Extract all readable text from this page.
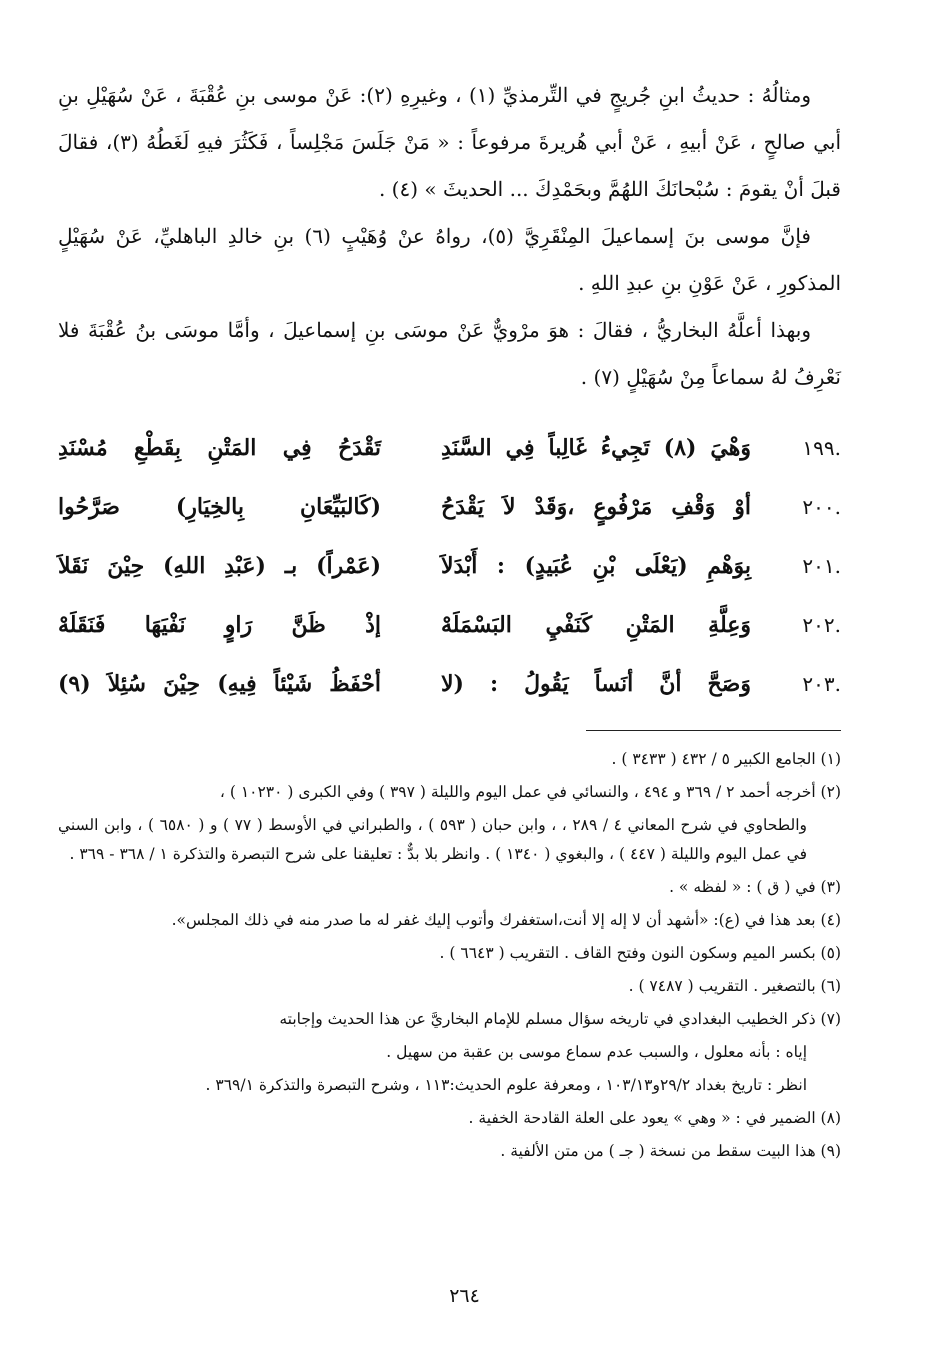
ومثالُهُ : حديثُ ابنِ جُريجٍ في التِّرمذيِّ (١) ، وغيرِهِ (٢): عَنْ موسى بنِ عُقْبَةَ ، عَنْ سُهَيْلِ بنِ أبي صالحٍ ، عَنْ أبيهِ ، عَنْ أبي هُريرةَ مرفوعاً : « مَنْ جَلَسَ مَجْلِساً ، فَكَثُرَ فيهِ لَغَطُهُ (٣)، فقالَ قبلَ أنْ يقومَ : سُبْحانَكَ اللهُمَّ وبحَمْدِكَ ... الحديثَ » (٤) .

فإنَّ موسى بنَ إسماعيلَ المِنْقَرِيَّ (٥)، رواهُ عنْ وُهَيْبٍ (٦) بنِ خالدِ الباهليِّ، عَنْ سُهَيْلٍ المذكورِ ، عَنْ عَوْنِ بنِ عبدِ اللهِ .

وبهذا أعلَّهُ البخاريُّ ، فقالَ : هوَ مرْويٌّ عَنْ موسَى بنِ إسماعيلَ ، وأمَّا موسَى بنُ عُقْبَةَ فلا نَعْرِفُ لهُ سماعاً مِنْ سُهَيْلٍ (٧) .

١٩٩.
وَهْيَ (٨) تَجِيءُ غَالِباً فِي السَّنَدِ
تَقْدَحُ فِي المَتْنِ بِقَطْعِ مُسْنَدِ
٢٠٠.
أوْ وَقْفِ مَرْفُوعٍ ،وَقَدْ لاَ يَقْدَحُ
(كَالبَيِّعَانِ بِالخِيَارِ) صَرَّحُوا
٢٠١.
بِوَهْمِ (يَعْلَى بْنِ عُبَيدٍ) : أَبْدَلاَ
(عَمْراً) بـ (عَبْدِ اللهِ) حِيْنَ نَقَلاَ
٢٠٢.
وَعِلَّةِ المَتْنِ كَنَفْيِ البَسْمَلَهْ
إذْ ظَنَّ رَاوٍ نَفْيَهَا فَنَقَلَهْ
٢٠٣.
وَصَحَّ أنَّ أنَساً يَقُولُ : (لا
أحْفَظُ شَيْئاً فِيهِ) حِيْنَ سُئِلاَ (٩)

(١) الجامع الكبير ٥ / ٤٣٢ ( ٣٤٣٣ ) .

(٢) أخرجه أحمد ٢ / ٣٦٩ و ٤٩٤ ، والنسائي في عمل اليوم والليلة ( ٣٩٧ ) وفي الكبرى ( ١٠٢٣٠ ) ،

والطحاوي في شرح المعاني ٤ / ٢٨٩ ، ، وابن حبان ( ٥٩٣ ) ، والطبراني في الأوسط ( ٧٧ ) و ( ٦٥٨٠ ) ، وابن السني في عمل اليوم والليلة ( ٤٤٧ ) ، والبغوي ( ١٣٤٠ ) . وانظر بلا بدٌّ : تعليقنا على شرح التبصرة والتذكرة ١ / ٣٦٨ - ٣٦٩ .

(٣) في ( ق ) : « لفظه » .

(٤) بعد هذا في (ع): «أشهد أن لا إله إلا أنت،استغفرك وأتوب إليك غفر له ما صدر منه في ذلك المجلس».

(٥) بكسر الميم وسكون النون وفتح القاف . التقريب ( ٦٦٤٣ ) .

(٦) بالتصغير . التقريب ( ٧٤٨٧ ) .

(٧) ذكر الخطيب البغدادي في تاريخه سؤال مسلم للإمام البخاريَّ عن هذا الحديث وإجابته

إياه : بأنه معلول ، والسبب عدم سماع موسى بن عقبة من سهيل .

انظر : تاريخ بغداد ٢٩/٢و١٠٣/١٣ ، ومعرفة علوم الحديث:١١٣ ، وشرح التبصرة والتذكرة ٣٦٩/١ .

(٨) الضمير في : « وهي » يعود على العلة القادحة الخفية .

(٩) هذا البيت سقط من نسخة ( جـ ) من متن الألفية .

٢٦٤
